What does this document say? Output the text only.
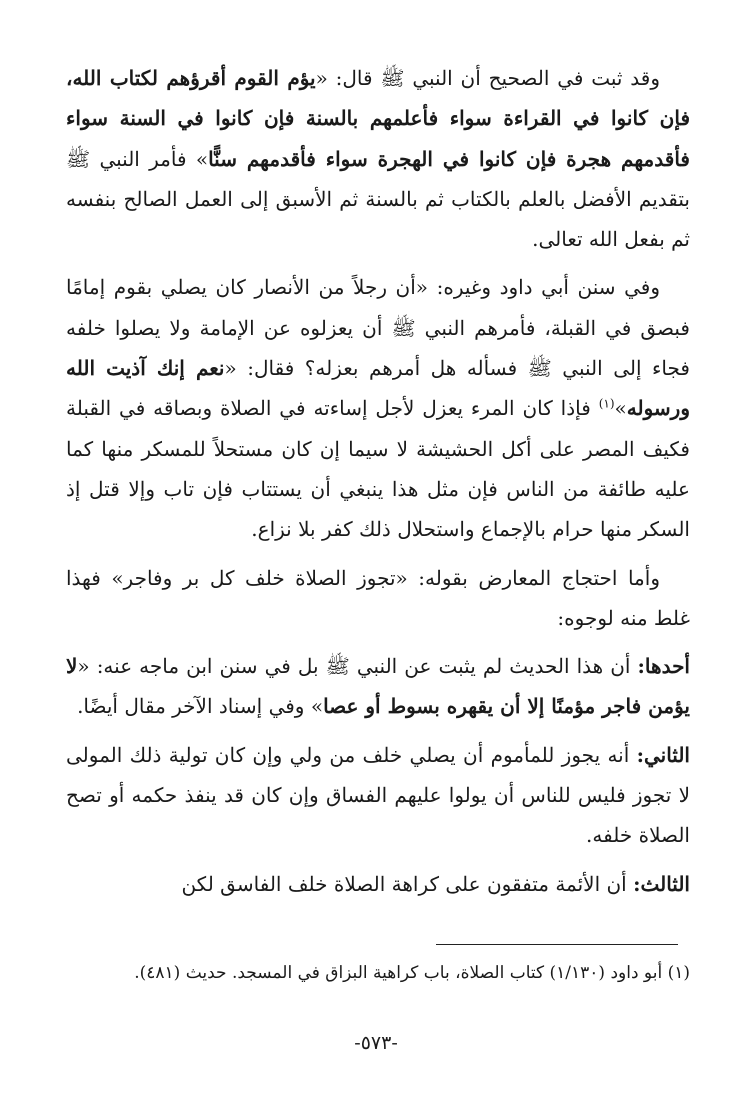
وقد ثبت في الصحيح أن النبي ﷺ قال: «يؤم القوم أقرؤهم لكتاب الله، فإن كانوا في القراءة سواء فأعلمهم بالسنة فإن كانوا في السنة سواء فأقدمهم هجرة فإن كانوا في الهجرة سواء فأقدمهم سنًّا» فأمر النبي ﷺ بتقديم الأفضل بالعلم بالكتاب ثم بالسنة ثم الأسبق إلى العمل الصالح بنفسه ثم بفعل الله تعالى.

وفي سنن أبي داود وغيره: «أن رجلاً من الأنصار كان يصلي بقوم إمامًا فبصق في القبلة، فأمرهم النبي ﷺ أن يعزلوه عن الإمامة ولا يصلوا خلفه فجاء إلى النبي ﷺ فسأله هل أمرهم بعزله؟ فقال: «نعم إنك آذيت الله ورسوله»$^{(١)}$ فإذا كان المرء يعزل لأجل إساءته في الصلاة وبصاقه في القبلة فكيف المصر على أكل الحشيشة لا سيما إن كان مستحلاً للمسكر منها كما عليه طائفة من الناس فإن مثل هذا ينبغي أن يستتاب فإن تاب وإلا قتل إذ السكر منها حرام بالإجماع واستحلال ذلك كفر بلا نزاع.

وأما احتجاج المعارض بقوله: «تجوز الصلاة خلف كل بر وفاجر» فهذا غلط منه لوجوه:

أحدها: أن هذا الحديث لم يثبت عن النبي ﷺ بل في سنن ابن ماجه عنه: «لا يؤمن فاجر مؤمنًا إلا أن يقهره بسوط أو عصا» وفي إسناد الآخر مقال أيضًا.

الثاني: أنه يجوز للمأموم أن يصلي خلف من ولي وإن كان تولية ذلك المولى لا تجوز فليس للناس أن يولوا عليهم الفساق وإن كان قد ينفذ حكمه أو تصح الصلاة خلفه.

الثالث: أن الأئمة متفقون على كراهة الصلاة خلف الفاسق لكن

(١) أبو داود (١/١٣٠) كتاب الصلاة، باب كراهية البزاق في المسجد. حديث (٤٨١).
-٥٧٣-
